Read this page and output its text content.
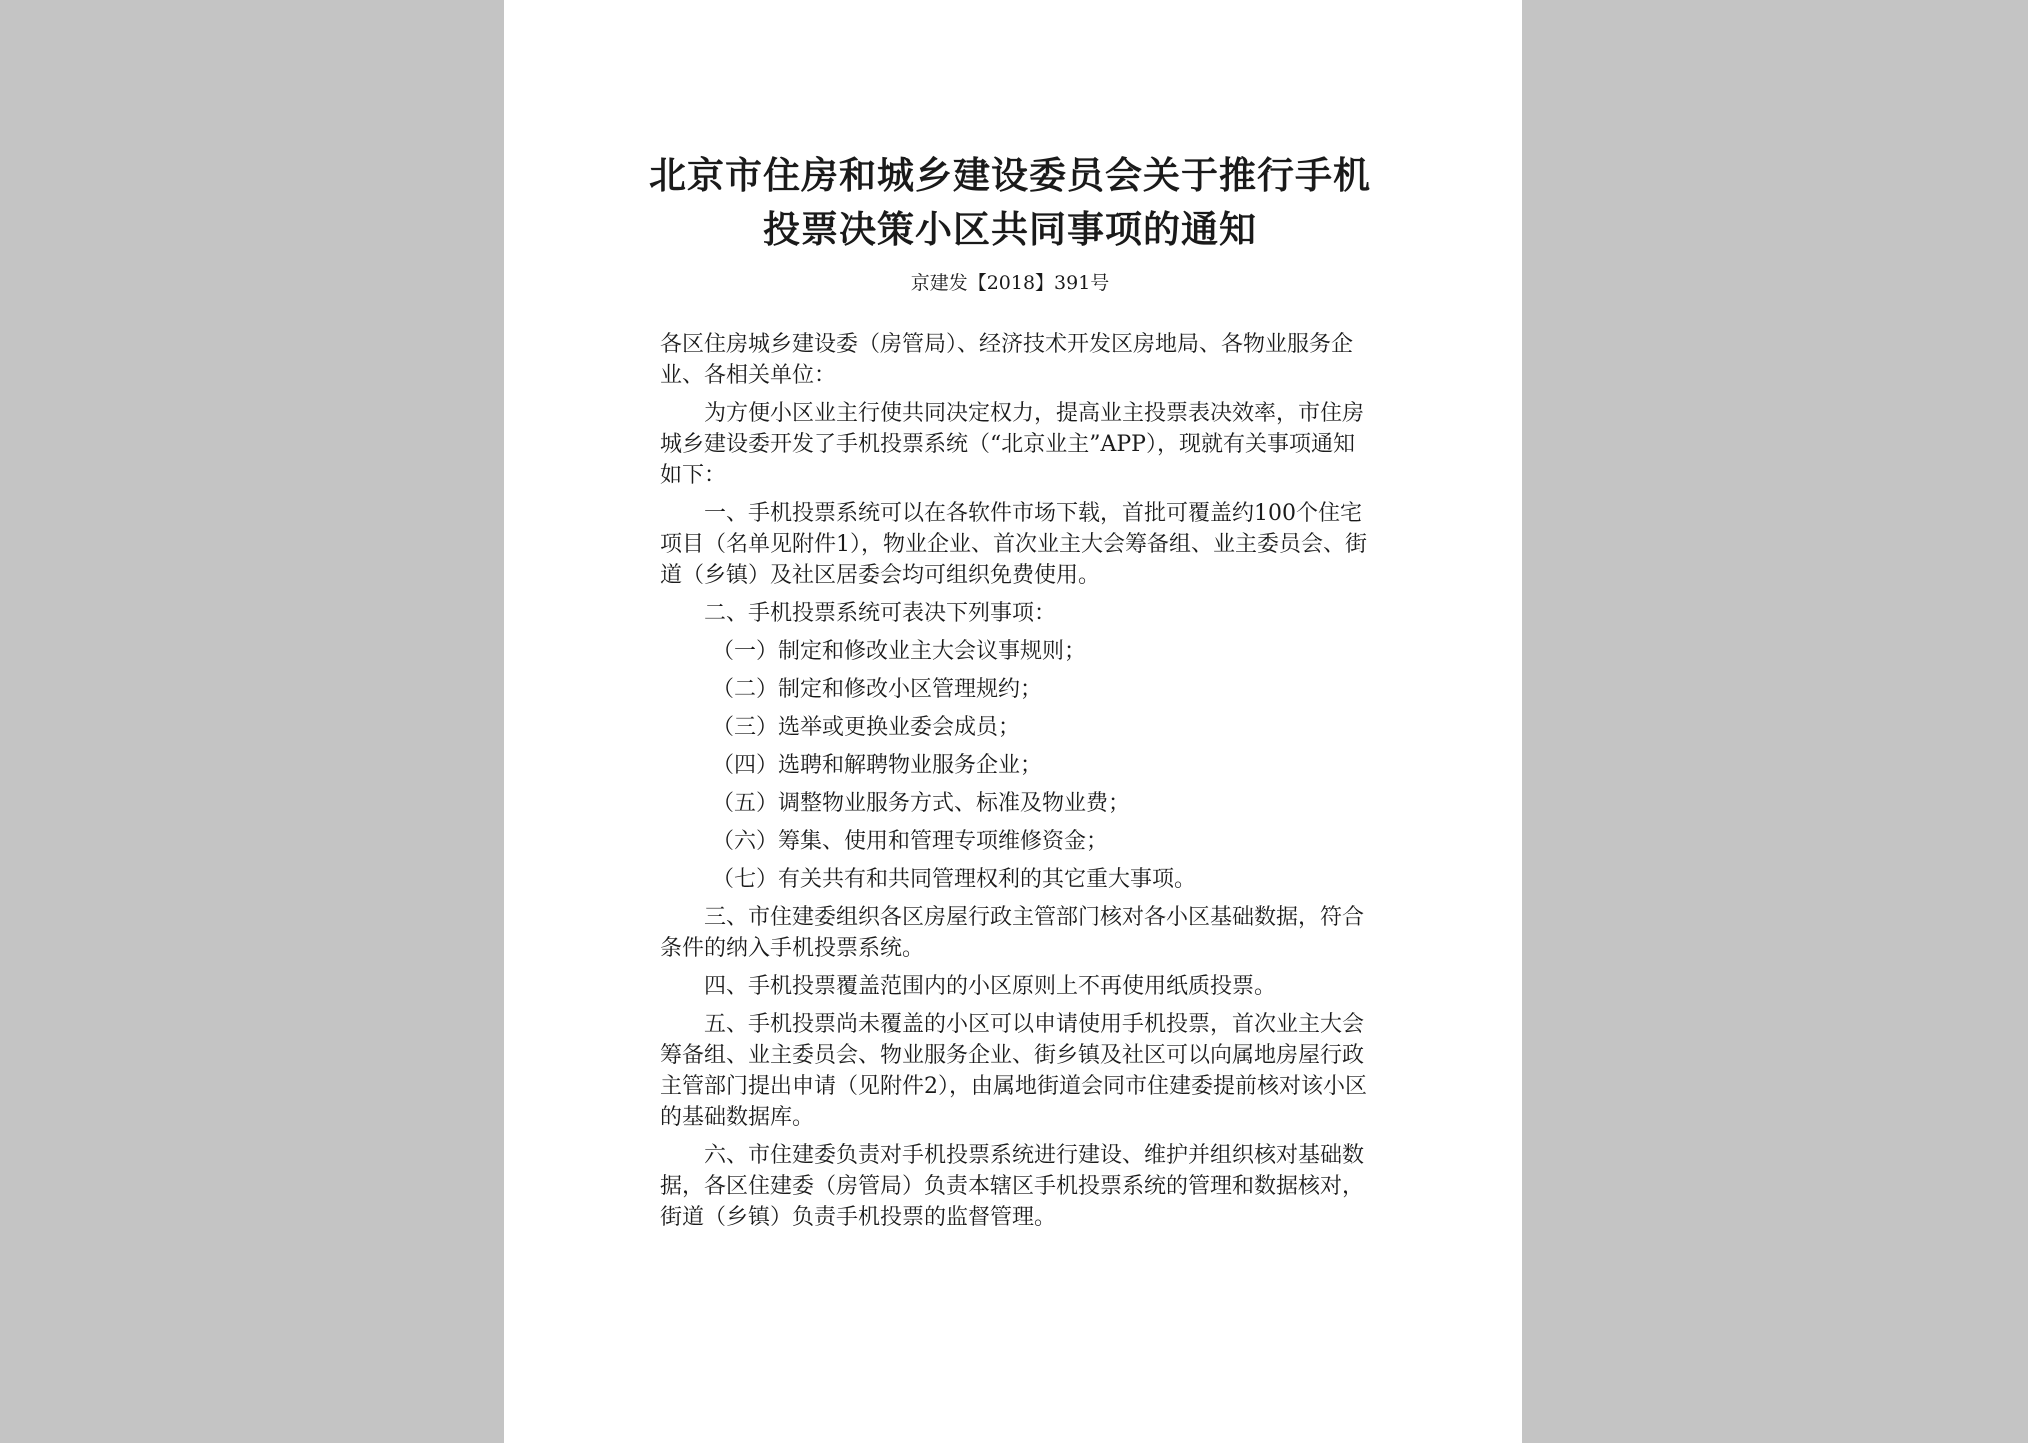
北京市住房和城乡建设委员会关于推行手机投票决策小区共同事项的通知
京建发【2018】391号

各区住房城乡建设委（房管局）、经济技术开发区房地局、各物业服务企业、各相关单位：

为方便小区业主行使共同决定权力，提高业主投票表决效率，市住房城乡建设委开发了手机投票系统（“北京业主”APP），现就有关事项通知如下：

一、手机投票系统可以在各软件市场下载，首批可覆盖约100个住宅项目（名单见附件1），物业企业、首次业主大会筹备组、业主委员会、街道（乡镇）及社区居委会均可组织免费使用。

二、手机投票系统可表决下列事项：

（一）制定和修改业主大会议事规则；

（二）制定和修改小区管理规约；

（三）选举或更换业委会成员；

（四）选聘和解聘物业服务企业；

（五）调整物业服务方式、标准及物业费；

（六）筹集、使用和管理专项维修资金；

（七）有关共有和共同管理权利的其它重大事项。

三、市住建委组织各区房屋行政主管部门核对各小区基础数据，符合条件的纳入手机投票系统。

四、手机投票覆盖范围内的小区原则上不再使用纸质投票。

五、手机投票尚未覆盖的小区可以申请使用手机投票，首次业主大会筹备组、业主委员会、物业服务企业、街乡镇及社区可以向属地房屋行政主管部门提出申请（见附件2），由属地街道会同市住建委提前核对该小区的基础数据库。

六、市住建委负责对手机投票系统进行建设、维护并组织核对基础数据，各区住建委（房管局）负责本辖区手机投票系统的管理和数据核对，街道（乡镇）负责手机投票的监督管理。
